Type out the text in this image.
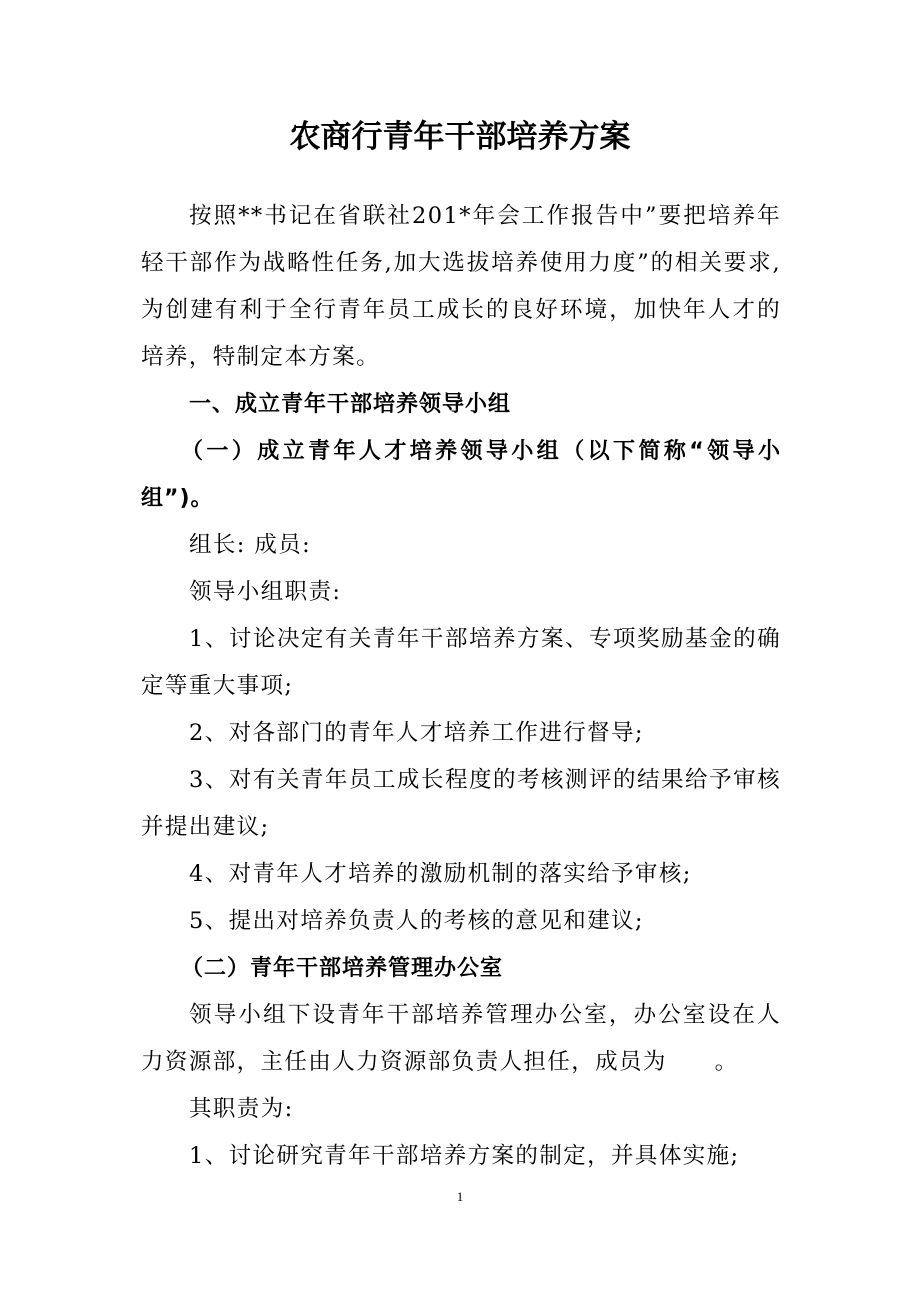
农商行青年干部培养方案

按照**书记在省联社201*年会工作报告中”要把培养年轻干部作为战略性任务,加大选拔培养使用力度”的相关要求,为创建有利于全行青年员工成长的良好环境，加快年人才的培养，特制定本方案。

一、成立青年干部培养领导小组

（一）成立青年人才培养领导小组（以下简称“领导小组”)。

组长: 成员:

领导小组职责:

1、讨论决定有关青年干部培养方案、专项奖励基金的确定等重大事项;

2、对各部门的青年人才培养工作进行督导;

3、对有关青年员工成长程度的考核测评的结果给予审核并提出建议;

4、对青年人才培养的激励机制的落实给予审核;

5、提出对培养负责人的考核的意见和建议;

（二）青年干部培养管理办公室

领导小组下设青年干部培养管理办公室，办公室设在人力资源部，主任由人力资源部负责人担任，成员为　　。

其职责为:

1、讨论研究青年干部培养方案的制定，并具体实施;

1
